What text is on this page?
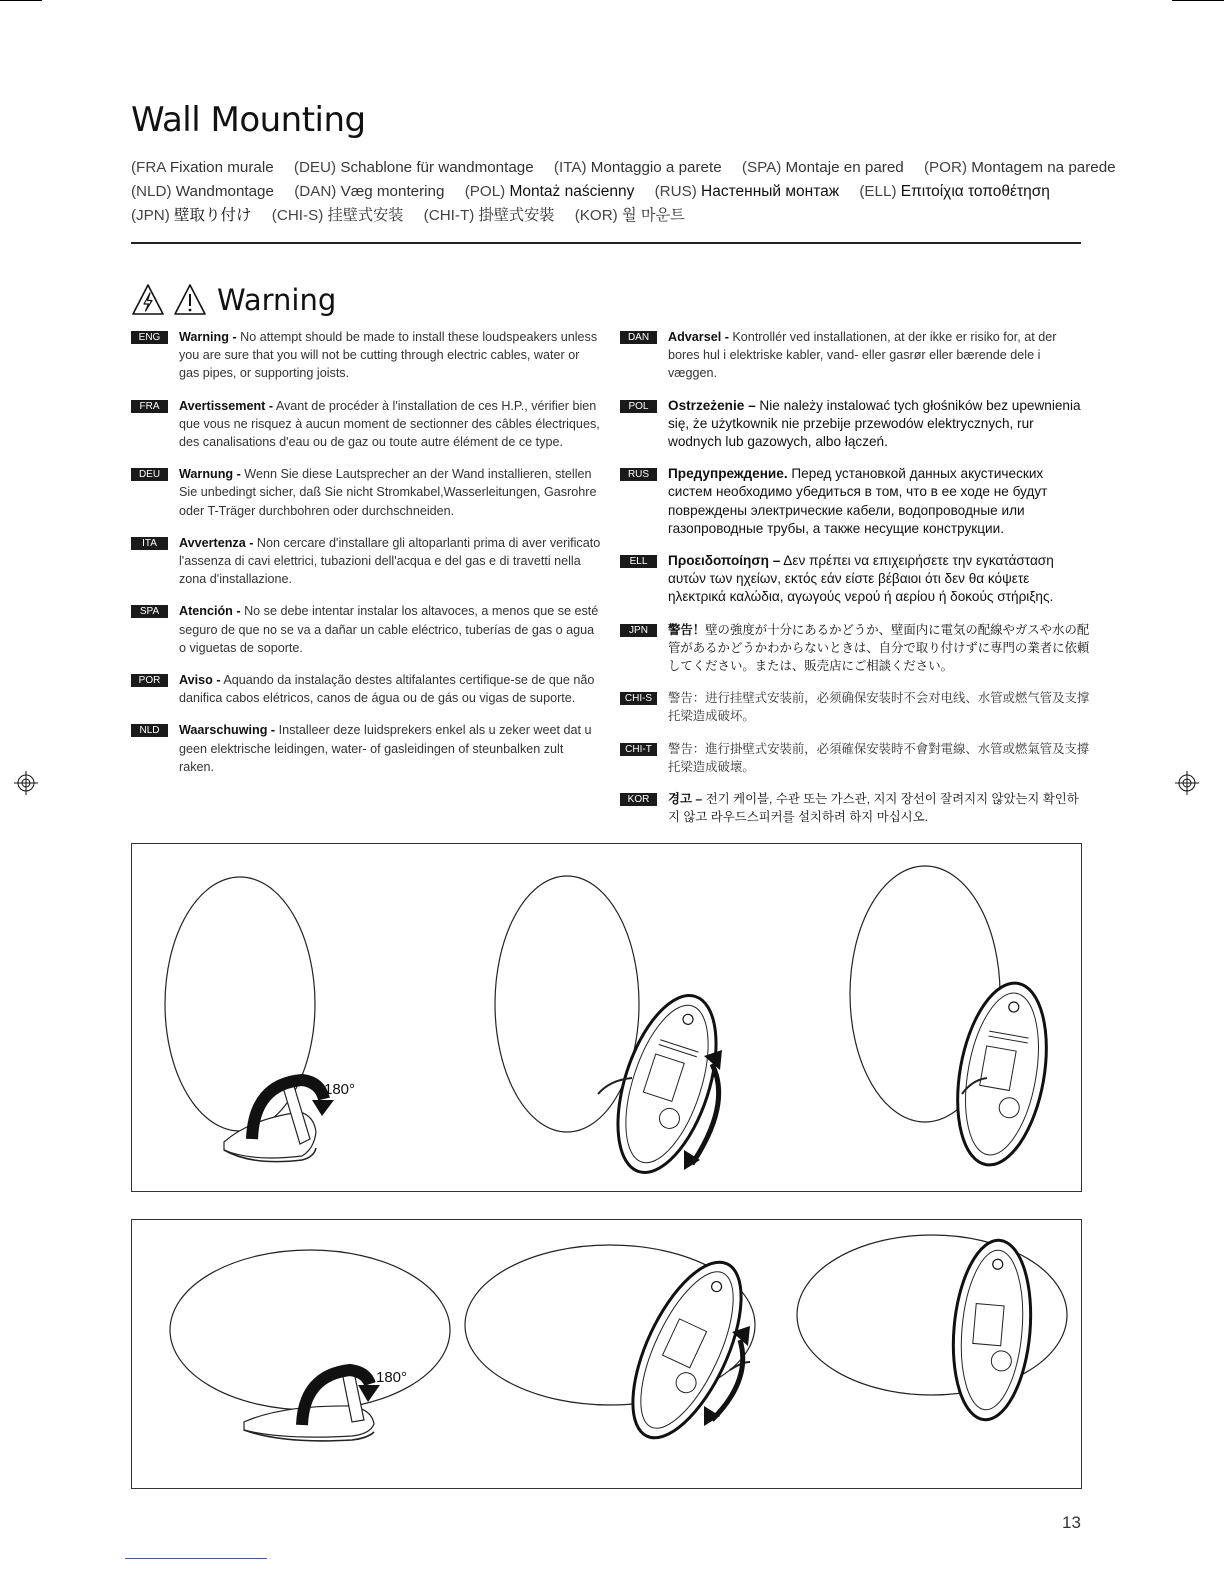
Wall Mounting
(FRA Fixation murale (DEU) Schablone für wandmontage (ITA) Montaggio a parete (SPA) Montaje en pared (POR) Montagem na parede
(NLD) Wandmontage (DAN) Væg montering (POL) Montaż naścienny (RUS) Настенный монтаж (ELL) Επιτοίχια τοποθέτηση
(JPN) 壁取り付け (CHI-S) 挂壁式安装 (CHI-T) 掛壁式安裝 (KOR) 월 마운트
Warning
ENG	Warning - No attempt should be made to install these loudspeakers unless you are sure that you will not be cutting through electric cables, water or gas pipes, or supporting joists.
FRA	Avertissement - Avant de procéder à l'installation de ces H.P., vérifier bien que vous ne risquez à aucun moment de sectionner des câbles électriques, des canalisations d'eau ou de gaz ou toute autre élément de ce type.
DEU	Warnung - Wenn Sie diese Lautsprecher an der Wand installieren, stellen Sie unbedingt sicher, daß Sie nicht Stromkabel,Wasserleitungen, Gasrohre oder T-Träger durchbohren oder durchschneiden.
ITA	Avvertenza - Non cercare d'installare gli altoparlanti prima di aver verificato l'assenza di cavi elettrici, tubazioni dell'acqua e del gas e di travetti nella zona d'installazione.
SPA	Atención - No se debe intentar instalar los altavoces, a menos que se esté seguro de que no se va a dañar un cable eléctrico, tuberías de gas o agua o viguetas de soporte.
POR	Aviso - Aquando da instalação destes altifalantes certifique-se de que não danifica cabos elétricos, canos de água ou de gás ou vigas de suporte.
NLD	Waarschuwing - Installeer deze luidsprekers enkel als u zeker weet dat u geen elektrische leidingen, water- of gasleidingen of steunbalken zult raken.
DAN	Advarsel - Kontrollér ved installationen, at der ikke er risiko for, at der bores hul i elektriske kabler, vand- eller gasrør eller bærende dele i væggen.
POL	Ostrzeżenie – Nie należy instalować tych głośników bez upewnienia się, że użytkownik nie przebije przewodów elektrycznych, rur wodnych lub gazowych, albo łączeń.
RUS	Предупреждение. Перед установкой данных акустических систем необходимо убедиться в том, что в ее ходе не будут повреждены электрические кабели, водопроводные или газопроводные трубы, а также несущие конструкции.
ELL	Προειδοποίηση – Δεν πρέπει να επιχειρήσετε την εγκατάσταση αυτών των ηχείων, εκτός εάν είστε βέβαιοι ότι δεν θα κόψετε ηλεκτρικά καλώδια, αγωγούς νερού ή αερίου ή δοκούς στήριξης.
JPN	警告！壁の強度が十分にあるかどうか、壁面内に電気の配線やガスや水の配管があるかどうかわからないときは、自分で取り付けずに専門の業者に依頼してください。または、販売店にご相談ください。
CHI-S	警告：进行挂壁式安装前，必须确保安装时不会对电线、水管或燃气管及支撑托梁造成破坏。
CHI-T	警告：進行掛壁式安裝前，必須確保安裝時不會對電線、水管或燃氣管及支撐托梁造成破壞。
KOR	경고 – 전기 케이블, 수관 또는 가스관, 지지 장선이 잘려지지 않았는지 확인하지 않고 라우드스피커를 설치하려 하지 마십시오.
180°
180°
13
